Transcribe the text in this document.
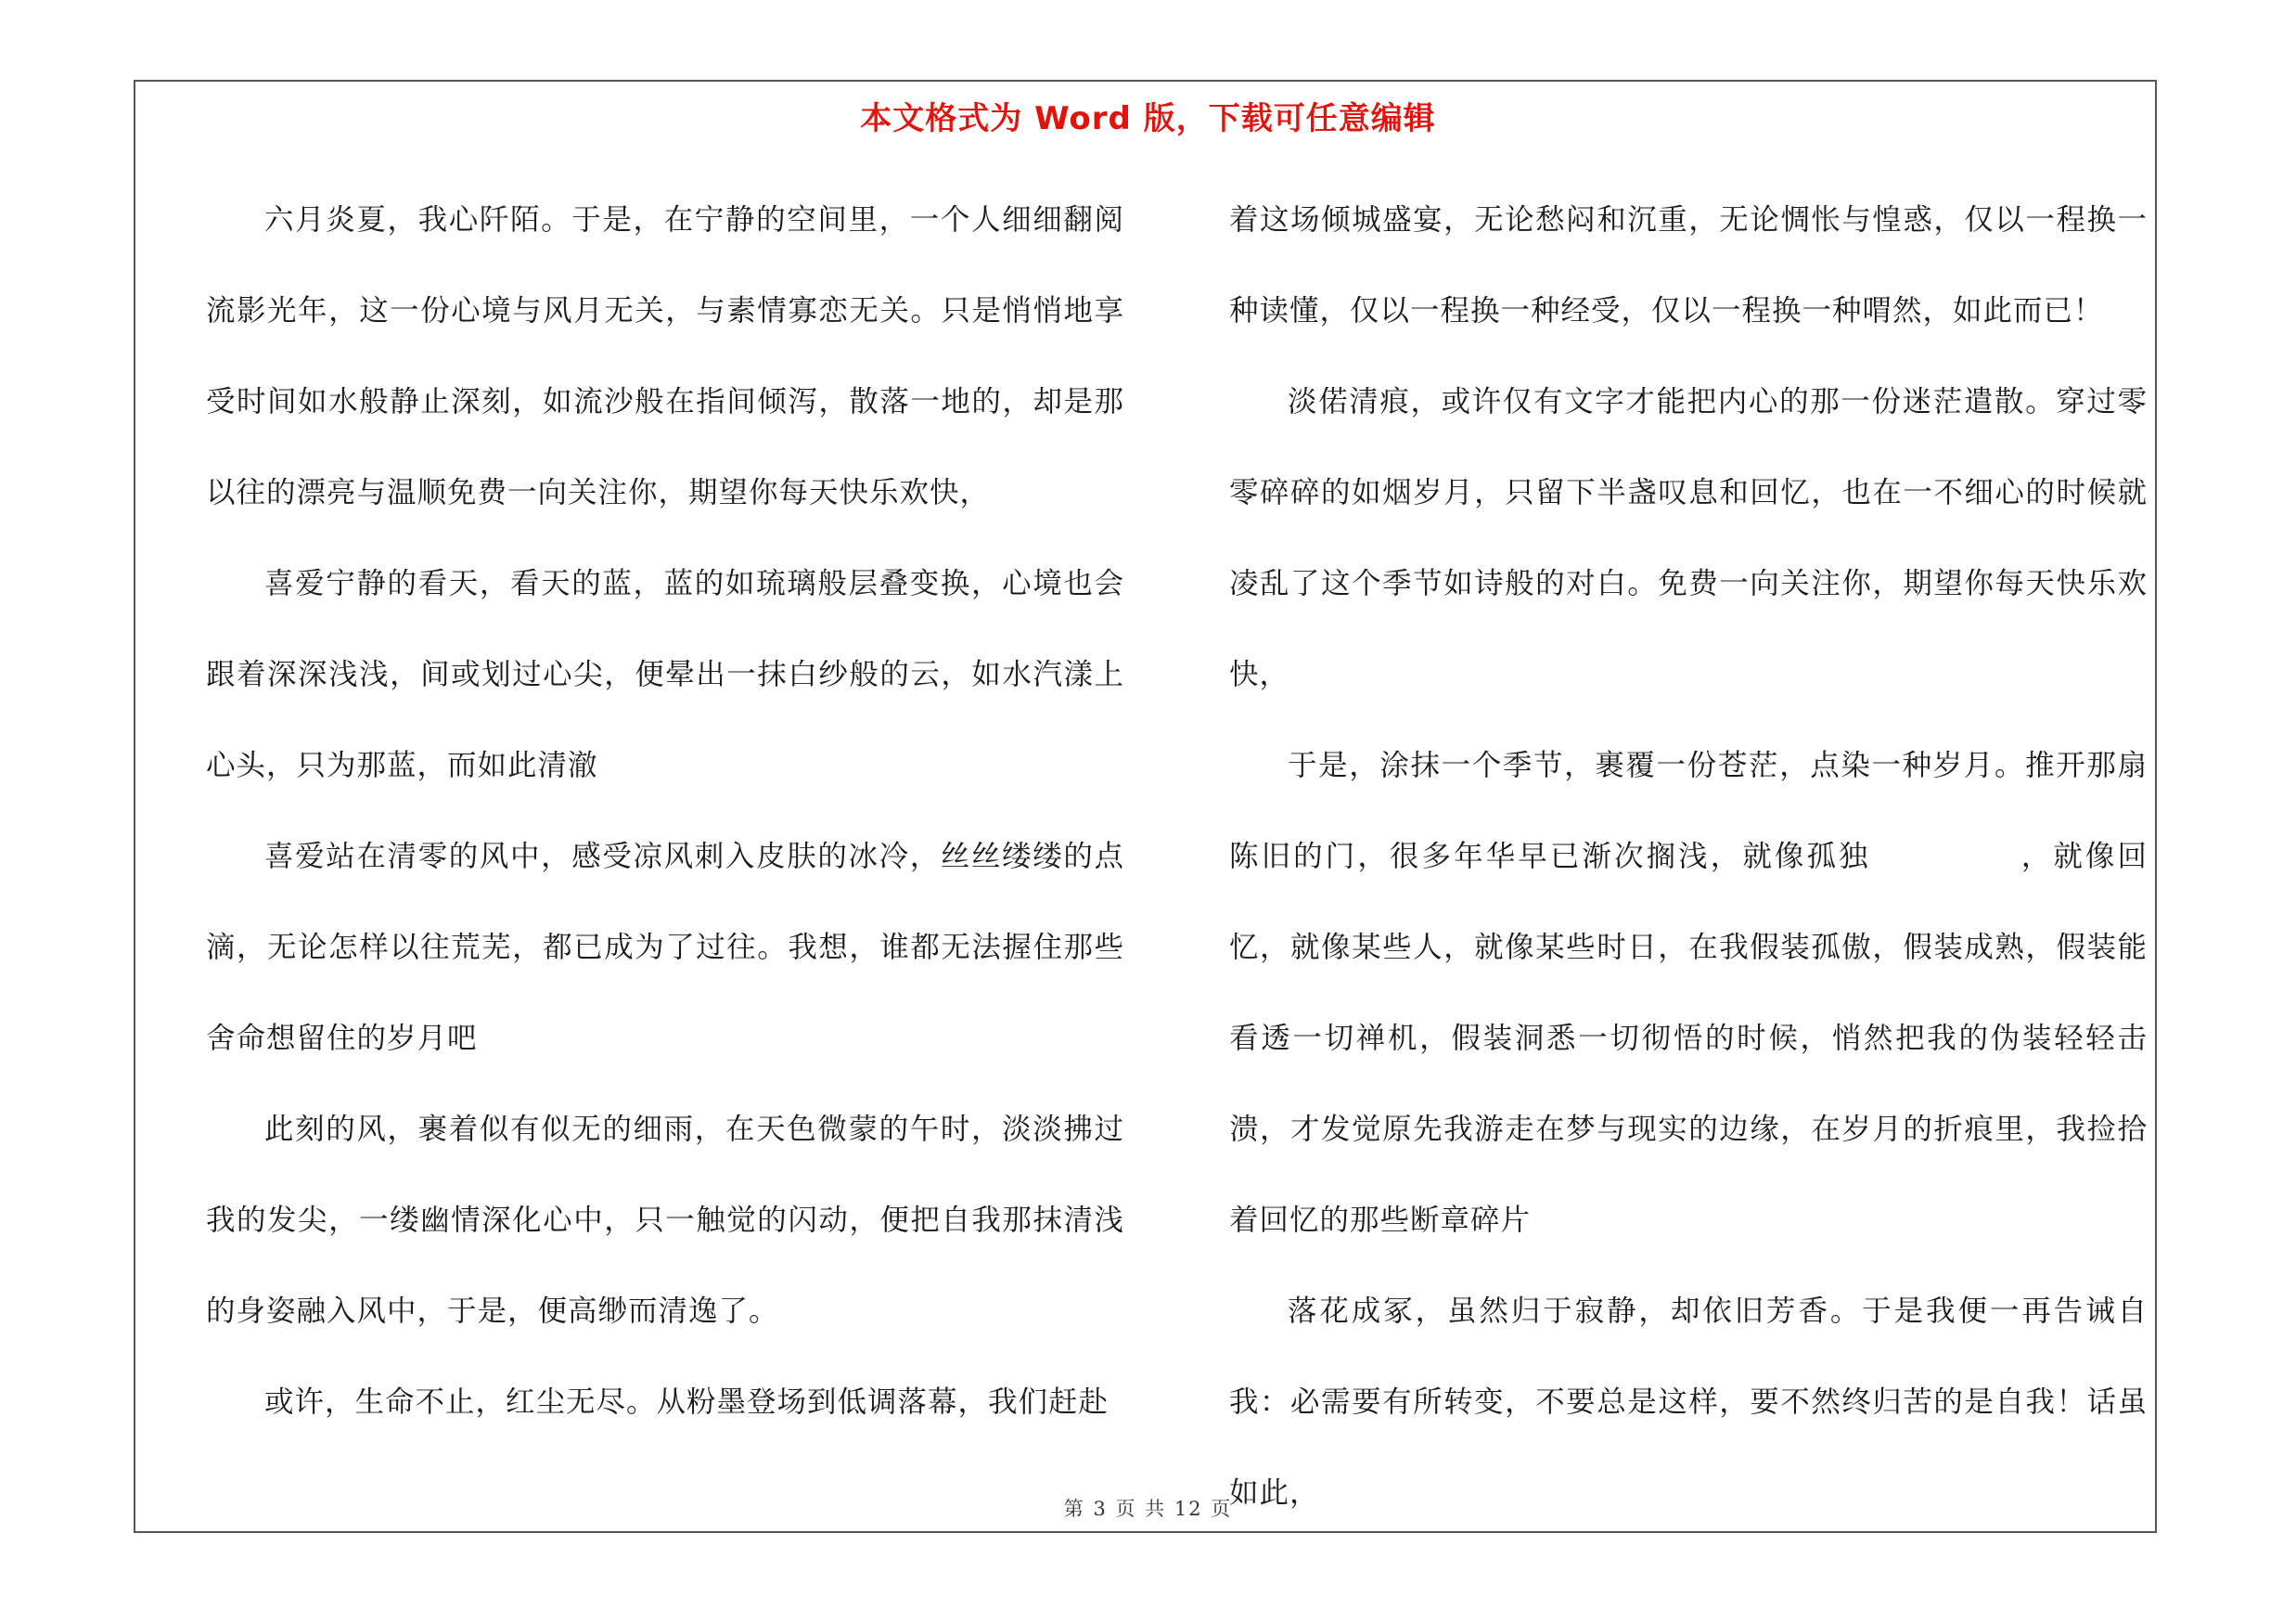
本文格式为 Word 版，下载可任意编辑

六月炎夏，我心阡陌。于是，在宁静的空间里，一个人细细翻阅流影光年，这一份心境与风月无关，与素情寡恋无关。只是悄悄地享受时间如水般静止深刻，如流沙般在指间倾泻，散落一地的，却是那以往的漂亮与温顺免费一向关注你，期望你每天快乐欢快，

喜爱宁静的看天，看天的蓝，蓝的如琉璃般层叠变换，心境也会跟着深深浅浅，间或划过心尖，便晕出一抹白纱般的云，如水汽漾上心头，只为那蓝，而如此清澈

喜爱站在清零的风中，感受凉风刺入皮肤的冰冷，丝丝缕缕的点滴，无论怎样以往荒芜，都已成为了过往。我想，谁都无法握住那些舍命想留住的岁月吧

此刻的风，裹着似有似无的细雨，在天色微蒙的午时，淡淡拂过我的发尖，一缕幽情深化心中，只一触觉的闪动，便把自我那抹清浅的身姿融入风中，于是，便高缈而清逸了。

或许，生命不止，红尘无尽。从粉墨登场到低调落幕，我们赶赴

着这场倾城盛宴，无论愁闷和沉重，无论惆怅与惶惑，仅以一程换一种读懂，仅以一程换一种经受，仅以一程换一种喟然，如此而已！

淡偌清痕，或许仅有文字才能把内心的那一份迷茫遣散。穿过零零碎碎的如烟岁月，只留下半盏叹息和回忆，也在一不细心的时候就凌乱了这个季节如诗般的对白。免费一向关注你，期望你每天快乐欢快，

于是，涂抹一个季节，裹覆一份苍茫，点染一种岁月。推开那扇陈旧的门，很多年华早已渐次搁浅，就像孤独	，就像回忆，就像某些人，就像某些时日，在我假装孤傲，假装成熟，假装能看透一切禅机，假装洞悉一切彻悟的时候，悄然把我的伪装轻轻击溃，才发觉原先我游走在梦与现实的边缘，在岁月的折痕里，我捡拾着回忆的那些断章碎片

落花成冢，虽然归于寂静，却依旧芳香。于是我便一再告诫自我：必需要有所转变，不要总是这样，要不然终归苦的是自我！话虽如此，

第 3 页 共 12 页
